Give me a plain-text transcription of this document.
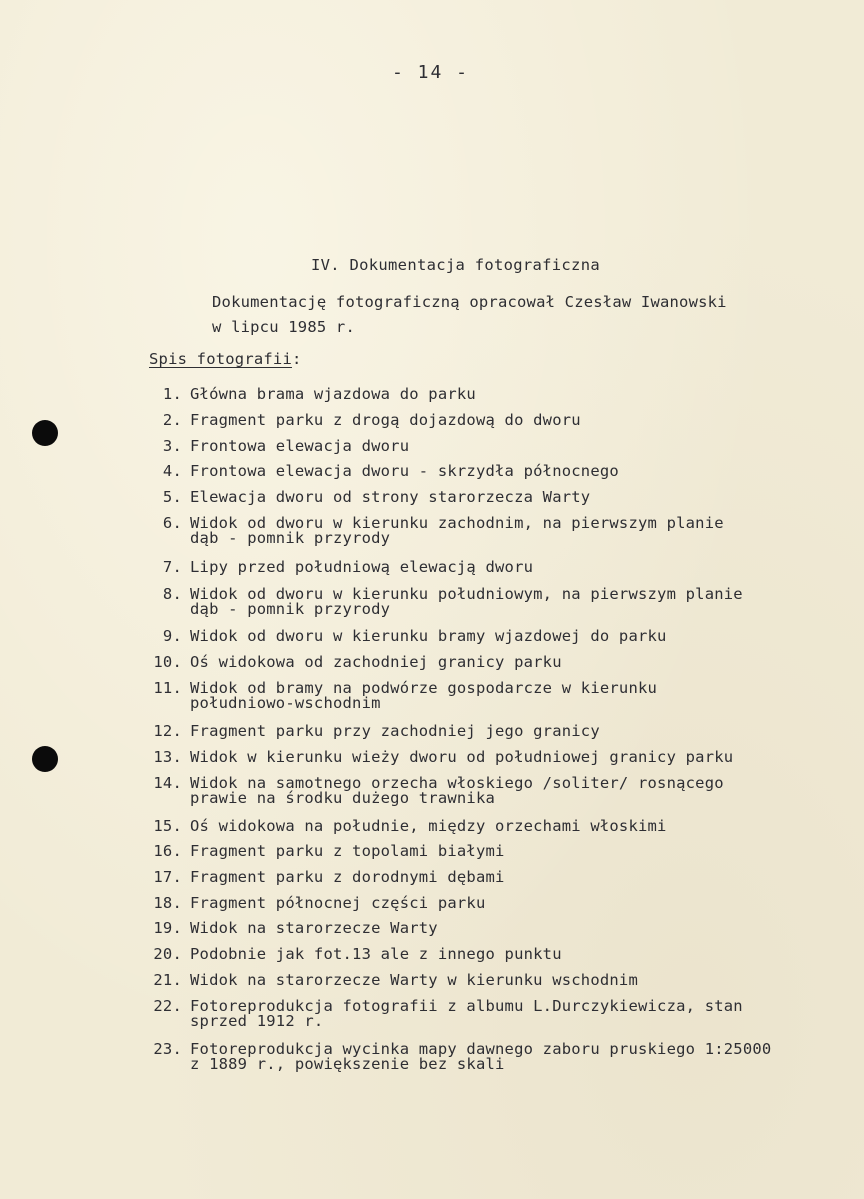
- 14 -
IV. Dokumentacja fotograficzna
Dokumentację fotograficzną opracował Czesław Iwanowski
w lipcu 1985 r.
Spis fotografii:
1. Główna brama wjazdowa do parku
2. Fragment parku z drogą dojazdową do dworu
3. Frontowa elewacja dworu
4. Frontowa elewacja dworu - skrzydła północnego
5. Elewacja dworu od strony starorzecza Warty
6. Widok od dworu w kierunku zachodnim, na pierwszym planie
dąb - pomnik przyrody
7. Lipy przed południową elewacją dworu
8. Widok od dworu w kierunku południowym, na pierwszym planie
dąb - pomnik przyrody
9. Widok od dworu w kierunku bramy wjazdowej do parku
10. Oś widokowa od zachodniej granicy parku
11. Widok od bramy na podwórze gospodarcze w kierunku
południowo-wschodnim
12. Fragment parku przy zachodniej jego granicy
13. Widok w kierunku wieży dworu od południowej granicy parku
14. Widok na samotnego orzecha włoskiego /soliter/ rosnącego
prawie na środku dużego trawnika
15. Oś widokowa na południe, między orzechami włoskimi
16. Fragment parku z topolami białymi
17. Fragment parku z dorodnymi dębami
18. Fragment północnej części parku
19. Widok na starorzecze Warty
20. Podobnie jak fot.13 ale z innego punktu
21. Widok na starorzecze Warty w kierunku wschodnim
22. Fotoreprodukcja fotografii z albumu L.Durczykiewicza, stan
sprzed 1912 r.
23. Fotoreprodukcja wycinka mapy dawnego zaboru pruskiego 1:25000
z 1889 r., powiększenie bez skali
